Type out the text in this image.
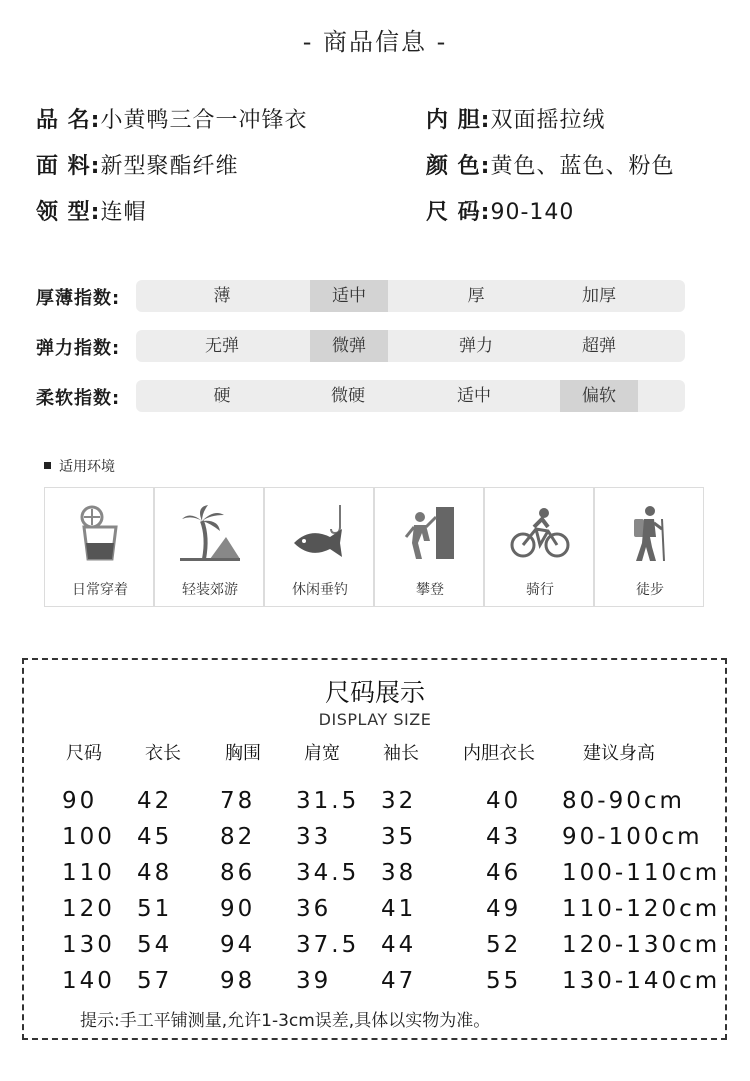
- 商品信息 -
品 名:小黄鸭三合一冲锋衣	内 胆:双面摇拉绒
面 料:新型聚酯纤维	颜 色:黄色、蓝色、粉色
领 型:连帽	尺 码:90-140
厚薄指数:	薄	适中	厚	加厚
弹力指数:	无弹	微弹	弹力	超弹
柔软指数:	硬	微硬	适中	偏软
适用环境
日常穿着	轻装郊游	休闲垂钓	攀登	骑行	徒步
尺码展示
DISPLAY SIZE
尺码 衣长 胸围 肩宽 袖长 内胆衣长	建议身高
90 42 78 31.5 32	40 80-90cm
100 45 82 33 35	43 90-100cm
110 48 86 34.5 38	46 100-110cm
120 51 90 36 41	49 110-120cm
130 54 94 37.5 44	52 120-130cm
140 57 98 39 47	55 130-140cm
提示:手工平铺测量,允许1-3cm误差,具体以实物为准。
